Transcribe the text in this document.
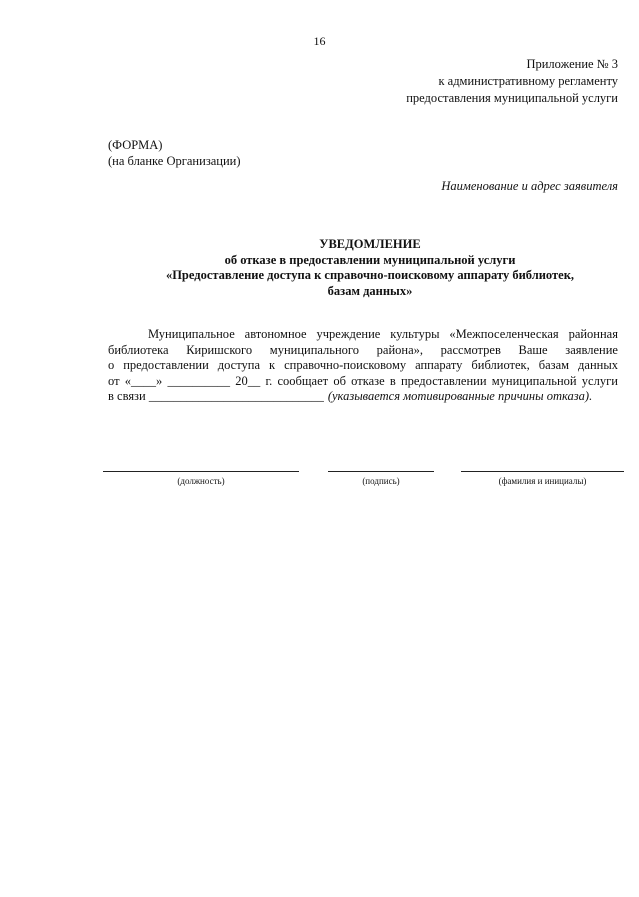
16
Приложение № 3
к административному регламенту
предоставления муниципальной услуги
(ФОРМА)
(на бланке Организации)
Наименование и адрес заявителя
УВЕДОМЛЕНИЕ
об отказе в предоставлении муниципальной услуги
«Предоставление доступа к справочно-поисковому аппарату библиотек,
базам данных»
Муниципальное автономное учреждение культуры «Межпоселенческая районная
библиотека Киришского муниципального района», рассмотрев Ваше заявление
о предоставлении доступа к справочно-поисковому аппарату библиотек, базам данных
от «____» __________ 20__ г. сообщает об отказе в предоставлении муниципальной услуги
в связи ____________________________ (указывается мотивированные причины отказа).
(должность)	(подпись)	(фамилия и инициалы)
